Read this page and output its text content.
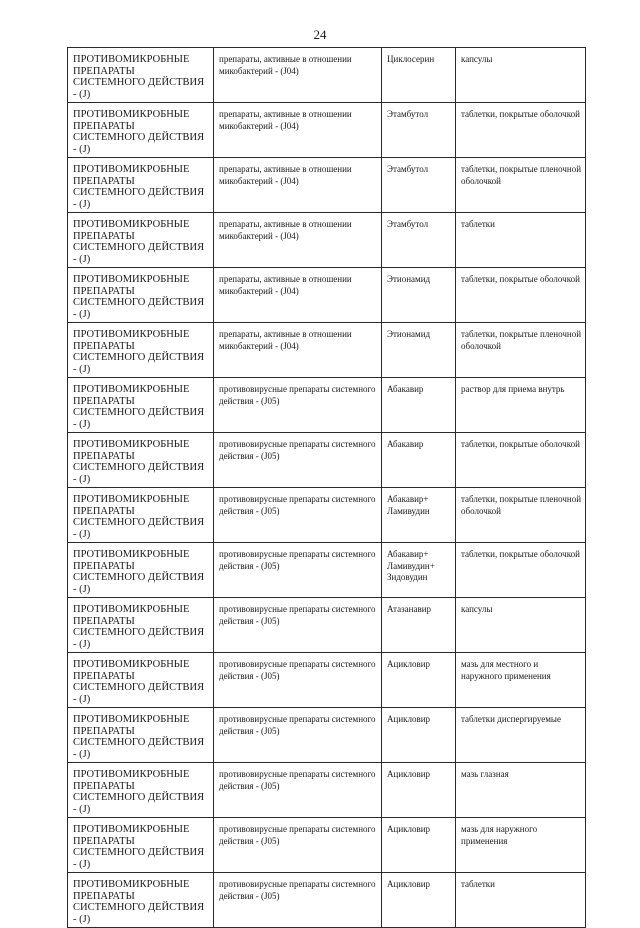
24
ПРОТИВОМИКРОБНЫЕ ПРЕПАРАТЫ СИСТЕМНОГО ДЕЙСТВИЯ - (J)	препараты, активные в отношении микобактерий - (J04)	Циклосерин	капсулы
ПРОТИВОМИКРОБНЫЕ ПРЕПАРАТЫ СИСТЕМНОГО ДЕЙСТВИЯ - (J)	препараты, активные в отношении микобактерий - (J04)	Этамбутол	таблетки, покрытые оболочкой
ПРОТИВОМИКРОБНЫЕ ПРЕПАРАТЫ СИСТЕМНОГО ДЕЙСТВИЯ - (J)	препараты, активные в отношении микобактерий - (J04)	Этамбутол	таблетки, покрытые пленочной оболочкой
ПРОТИВОМИКРОБНЫЕ ПРЕПАРАТЫ СИСТЕМНОГО ДЕЙСТВИЯ - (J)	препараты, активные в отношении микобактерий - (J04)	Этамбутол	таблетки
ПРОТИВОМИКРОБНЫЕ ПРЕПАРАТЫ СИСТЕМНОГО ДЕЙСТВИЯ - (J)	препараты, активные в отношении микобактерий - (J04)	Этионамид	таблетки, покрытые оболочкой
ПРОТИВОМИКРОБНЫЕ ПРЕПАРАТЫ СИСТЕМНОГО ДЕЙСТВИЯ - (J)	препараты, активные в отношении микобактерий - (J04)	Этионамид	таблетки, покрытые пленочной оболочкой
ПРОТИВОМИКРОБНЫЕ ПРЕПАРАТЫ СИСТЕМНОГО ДЕЙСТВИЯ - (J)	противовирусные препараты системного действия - (J05)	Абакавир	раствор для приема внутрь
ПРОТИВОМИКРОБНЫЕ ПРЕПАРАТЫ СИСТЕМНОГО ДЕЙСТВИЯ - (J)	противовирусные препараты системного действия - (J05)	Абакавир	таблетки, покрытые оболочкой
ПРОТИВОМИКРОБНЫЕ ПРЕПАРАТЫ СИСТЕМНОГО ДЕЙСТВИЯ - (J)	противовирусные препараты системного действия - (J05)	Абакавир+ Ламивудин	таблетки, покрытые пленочной оболочкой
ПРОТИВОМИКРОБНЫЕ ПРЕПАРАТЫ СИСТЕМНОГО ДЕЙСТВИЯ - (J)	противовирусные препараты системного действия - (J05)	Абакавир+ Ламивудин+ Зидовудин	таблетки, покрытые оболочкой
ПРОТИВОМИКРОБНЫЕ ПРЕПАРАТЫ СИСТЕМНОГО ДЕЙСТВИЯ - (J)	противовирусные препараты системного действия - (J05)	Атазанавир	капсулы
ПРОТИВОМИКРОБНЫЕ ПРЕПАРАТЫ СИСТЕМНОГО ДЕЙСТВИЯ - (J)	противовирусные препараты системного действия - (J05)	Ацикловир	мазь для местного и наружного применения
ПРОТИВОМИКРОБНЫЕ ПРЕПАРАТЫ СИСТЕМНОГО ДЕЙСТВИЯ - (J)	противовирусные препараты системного действия - (J05)	Ацикловир	таблетки диспергируемые
ПРОТИВОМИКРОБНЫЕ ПРЕПАРАТЫ СИСТЕМНОГО ДЕЙСТВИЯ - (J)	противовирусные препараты системного действия - (J05)	Ацикловир	мазь глазная
ПРОТИВОМИКРОБНЫЕ ПРЕПАРАТЫ СИСТЕМНОГО ДЕЙСТВИЯ - (J)	противовирусные препараты системного действия - (J05)	Ацикловир	мазь для наружного применения
ПРОТИВОМИКРОБНЫЕ ПРЕПАРАТЫ СИСТЕМНОГО ДЕЙСТВИЯ - (J)	противовирусные препараты системного действия - (J05)	Ацикловир	таблетки
